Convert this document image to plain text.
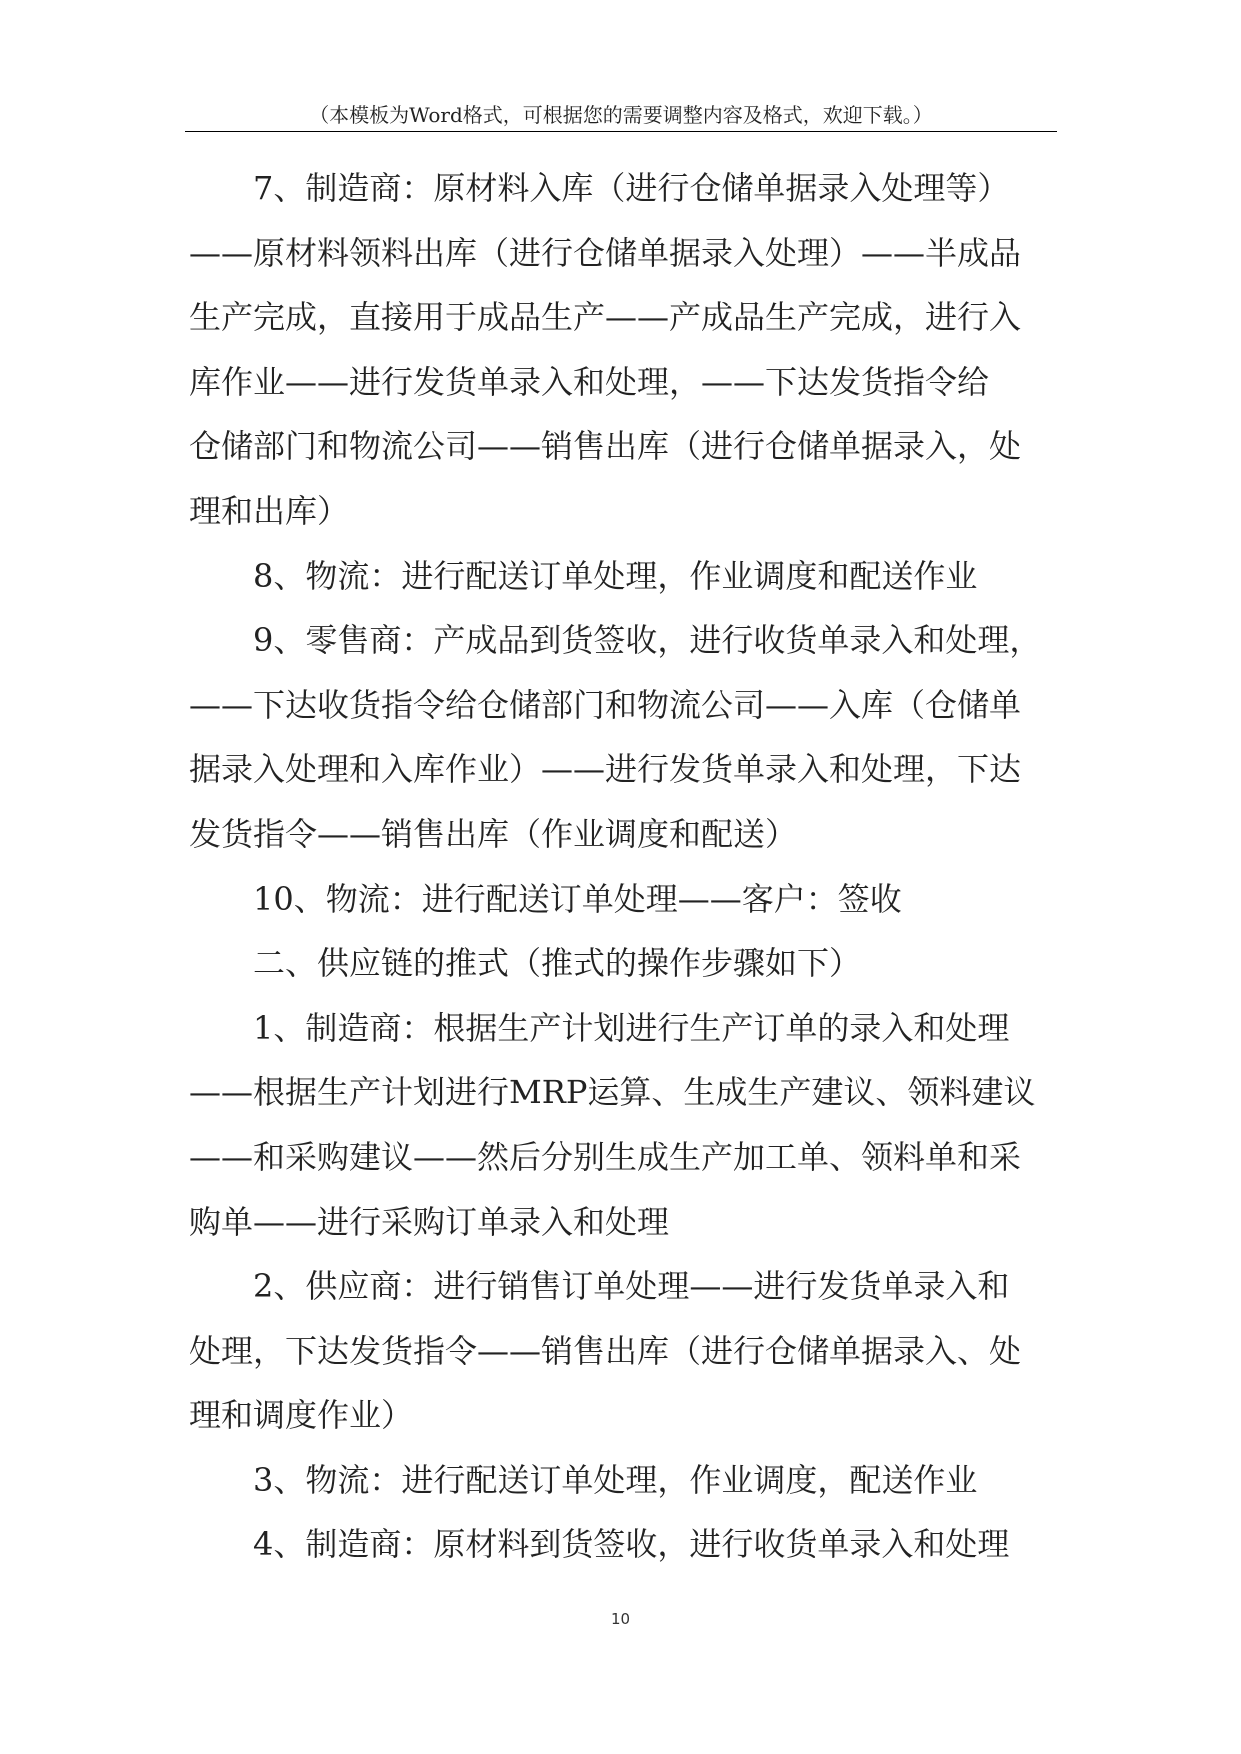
（本模板为Word格式，可根据您的需要调整内容及格式，欢迎下载。）

7、制造商：原材料入库（进行仓储单据录入处理等）

——原材料领料出库（进行仓储单据录入处理）——半成品

生产完成，直接用于成品生产——产成品生产完成，进行入

库作业——进行发货单录入和处理，——下达发货指令给

仓储部门和物流公司——销售出库（进行仓储单据录入，处

理和出库）

8、物流：进行配送订单处理，作业调度和配送作业

9、零售商：产成品到货签收，进行收货单录入和处理，

——下达收货指令给仓储部门和物流公司——入库（仓储单

据录入处理和入库作业）——进行发货单录入和处理，下达

发货指令——销售出库（作业调度和配送）

10、物流：进行配送订单处理——客户：签收

二、供应链的推式（推式的操作步骤如下）

1、制造商：根据生产计划进行生产订单的录入和处理

——根据生产计划进行MRP运算、生成生产建议、领料建议

——和采购建议——然后分别生成生产加工单、领料单和采

购单——进行采购订单录入和处理

2、供应商：进行销售订单处理——进行发货单录入和

处理，下达发货指令——销售出库（进行仓储单据录入、处

理和调度作业）

3、物流：进行配送订单处理，作业调度，配送作业

4、制造商：原材料到货签收，进行收货单录入和处理

10
